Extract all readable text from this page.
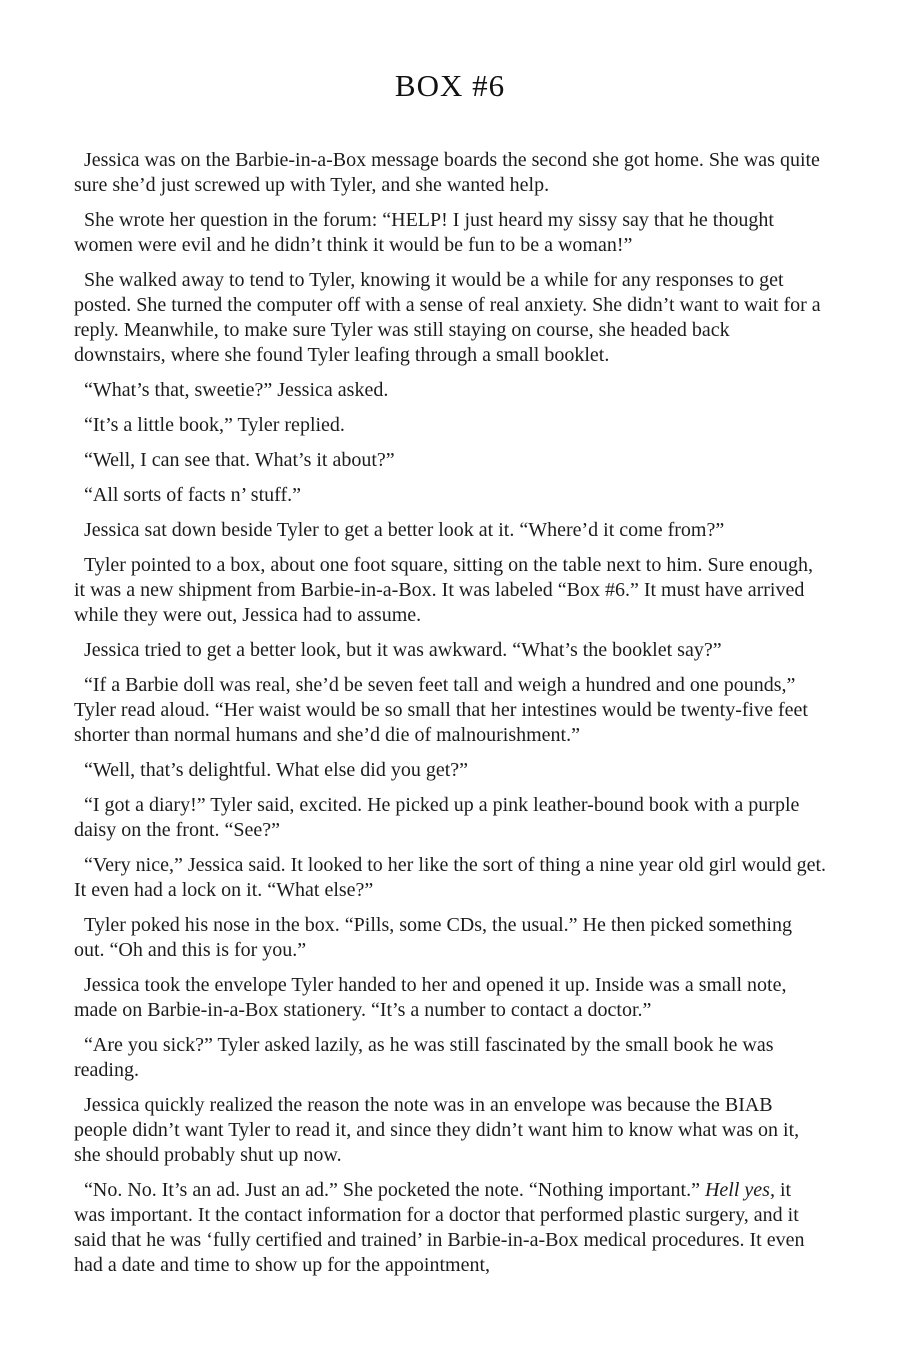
BOX #6

Jessica was on the Barbie-in-a-Box message boards the second she got home. She was quite sure she’d just screwed up with Tyler, and she wanted help.

She wrote her question in the forum: “HELP! I just heard my sissy say that he thought women were evil and he didn’t think it would be fun to be a woman!”

She walked away to tend to Tyler, knowing it would be a while for any responses to get posted. She turned the computer off with a sense of real anxiety. She didn’t want to wait for a reply. Meanwhile, to make sure Tyler was still staying on course, she headed back downstairs, where she found Tyler leafing through a small booklet.

“What’s that, sweetie?” Jessica asked.

“It’s a little book,” Tyler replied.

“Well, I can see that. What’s it about?”

“All sorts of facts n’ stuff.”

Jessica sat down beside Tyler to get a better look at it. “Where’d it come from?”

Tyler pointed to a box, about one foot square, sitting on the table next to him. Sure enough, it was a new shipment from Barbie-in-a-Box. It was labeled “Box #6.” It must have arrived while they were out, Jessica had to assume.

Jessica tried to get a better look, but it was awkward. “What’s the booklet say?”

“If a Barbie doll was real, she’d be seven feet tall and weigh a hundred and one pounds,” Tyler read aloud. “Her waist would be so small that her intestines would be twenty-five feet shorter than normal humans and she’d die of malnourishment.”

“Well, that’s delightful. What else did you get?”

“I got a diary!” Tyler said, excited. He picked up a pink leather-bound book with a purple daisy on the front. “See?”

“Very nice,” Jessica said. It looked to her like the sort of thing a nine year old girl would get. It even had a lock on it. “What else?”

Tyler poked his nose in the box. “Pills, some CDs, the usual.” He then picked something out. “Oh and this is for you.”

Jessica took the envelope Tyler handed to her and opened it up. Inside was a small note, made on Barbie-in-a-Box stationery. “It’s a number to contact a doctor.”

“Are you sick?” Tyler asked lazily, as he was still fascinated by the small book he was reading.

Jessica quickly realized the reason the note was in an envelope was because the BIAB people didn’t want Tyler to read it, and since they didn’t want him to know what was on it, she should probably shut up now.

“No. No. It’s an ad. Just an ad.” She pocketed the note. “Nothing important.” Hell yes, it was important. It the contact information for a doctor that performed plastic surgery, and it said that he was ‘fully certified and trained’ in Barbie-in-a-Box medical procedures. It even had a date and time to show up for the appointment,
